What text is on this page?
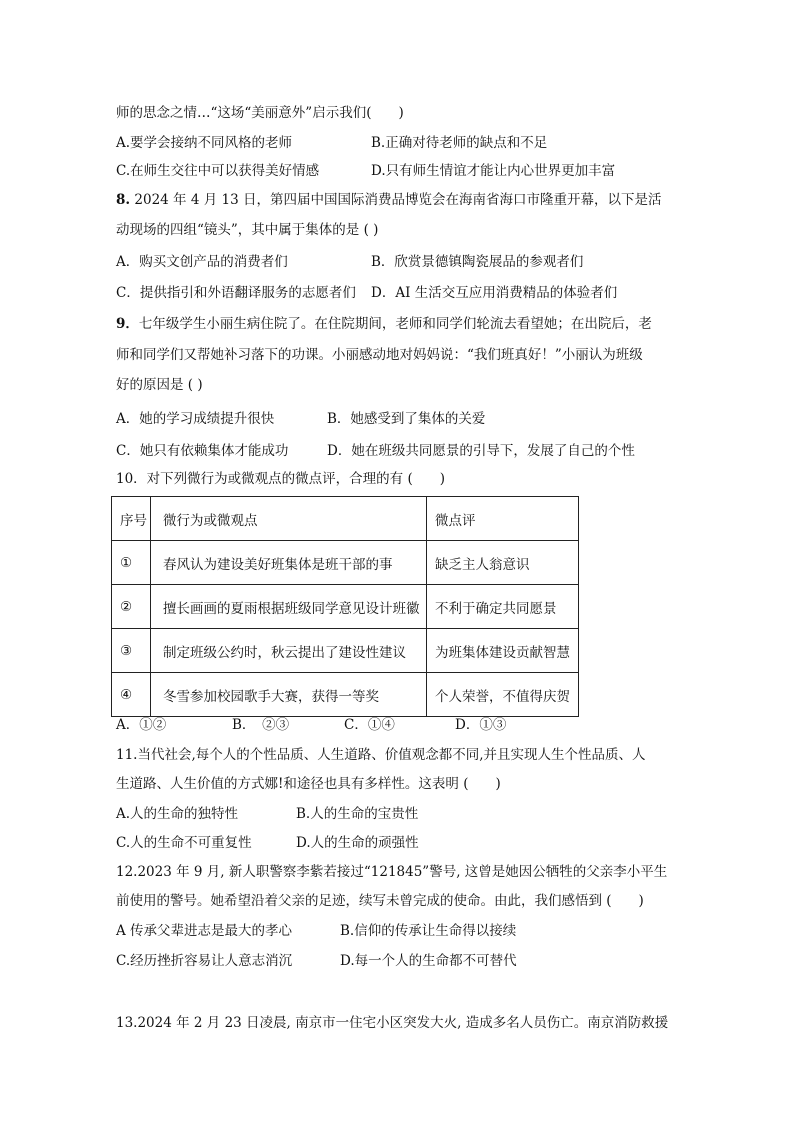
师的思念之情…“这场“美丽意外”启示我们(　　)
A.要学会接纳不同风格的老师	B.正确对待老师的缺点和不足
C.在师生交往中可以获得美好情感	D.只有师生情谊才能让内心世界更加丰富
8. 2024 年 4 月 13 日，第四届中国国际消费品博览会在海南省海口市隆重开幕，以下是活
动现场的四组“镜头”，其中属于集体的是 ( )
A．购买文创产品的消费者们	B．欣赏景德镇陶瓷展品的参观者们
C．提供指引和外语翻译服务的志愿者们 D．AI 生活交互应用消费精品的体验者们
9．七年级学生小丽生病住院了。在住院期间，老师和同学们轮流去看望她；在出院后，老
师和同学们又帮她补习落下的功课。小丽感动地对妈妈说：“我们班真好！”小丽认为班级
好的原因是 ( )
A．她的学习成绩提升很快	B．她感受到了集体的关爱
C．她只有依赖集体才能成功	D．她在班级共同愿景的引导下，发展了自己的个性
10．对下列微行为或微观点的微点评，合理的有 (　　)
序号	微行为或微观点	微点评
①	春风认为建设美好班集体是班干部的事	缺乏主人翁意识
②	擅长画画的夏雨根据班级同学意见设计班徽	不利于确定共同愿景
③	制定班级公约时，秋云提出了建设性建议	为班集体建设贡献智慧
④	冬雪参加校园歌手大赛，获得一等奖	个人荣誉，不值得庆贺
A．①②	B．　②③	C．①④	D．①③
11.当代社会,每个人的个性品质、人生道路、价值观念都不同,并且实现人生个性品质、人
生道路、人生价值的方式娜!和途径也具有多样性。这表明 (　　)
A.人的生命的独特性	B.人的生命的宝贵性
C.人的生命不可重复性	D.人的生命的顽强性
12.2023 年 9 月, 新人职警察李紫若接过“121845”警号, 这曾是她因公牺牲的父亲李小平生
前使用的警号。她希望沿着父亲的足迹，续写未曾完成的使命。由此，我们感悟到 (　　)
A 传承父辈进志是最大的孝心	B.信仰的传承让生命得以接续
C.经历挫折容易让人意志消沉	D.每一个人的生命都不可替代
13.2024 年 2 月 23 日凌晨, 南京市一住宅小区突发大火, 造成多名人员伤亡。南京消防救援
